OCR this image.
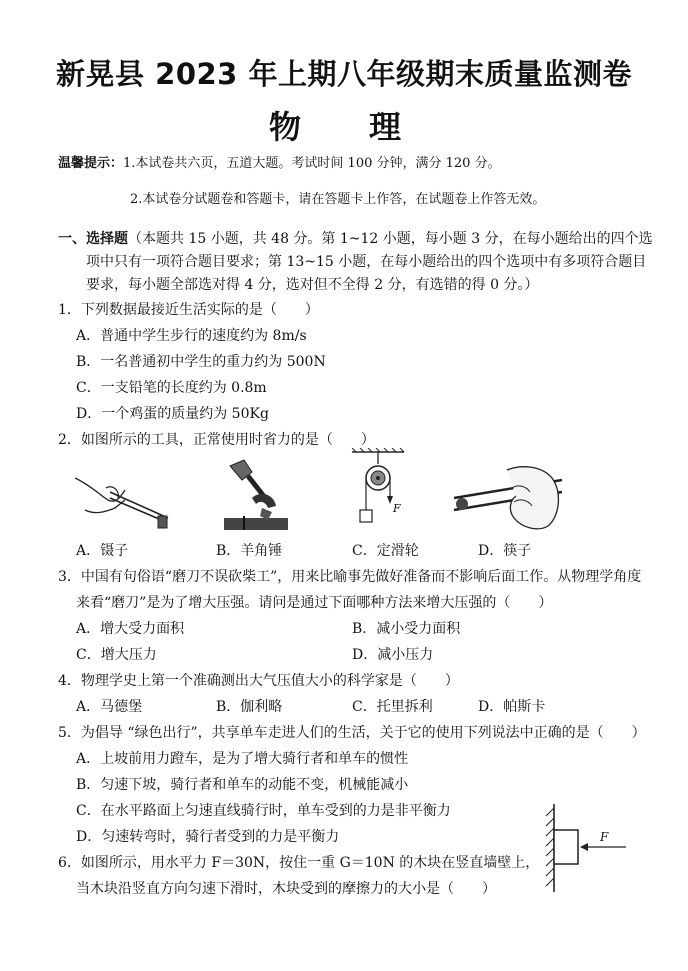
新晃县 2023 年上期八年级期末质量监测卷
物　理
温馨提示：1.本试卷共六页，五道大题。考试时间 100 分钟，满分 120 分。
2.本试卷分试题卷和答题卡，请在答题卡上作答，在试题卷上作答无效。
一、选择题（本题共 15 小题，共 48 分。第 1~12 小题，每小题 3 分，在每小题给出的四个选
项中只有一项符合题目要求；第 13~15 小题，在每小题给出的四个选项中有多项符合题目
要求，每小题全部选对得 4 分，选对但不全得 2 分，有选错的得 0 分。）
1．下列数据最接近生活实际的是（　　）
A．普通中学生步行的速度约为 8m/s
B．一名普通初中学生的重力约为 500N
C．一支铅笔的长度约为 0.8m
D．一个鸡蛋的质量约为 50Kg
2．如图所示的工具，正常使用时省力的是（　　）
F
A．镊子	B．羊角锤	C．定滑轮	D．筷子
3．中国有句俗语“磨刀不误砍柴工”，用来比喻事先做好准备而不影响后面工作。从物理学角度
来看“磨刀”是为了增大压强。请问是通过下面哪种方法来增大压强的（　　）
A．增大受力面积	B．减小受力面积
C．增大压力	D．减小压力
4．物理学史上第一个准确测出大气压值大小的科学家是（　　）
A．马德堡	B．伽利略	C．托里拆利	D．帕斯卡
5．为倡导 “绿色出行”，共享单车走进人们的生活，关于它的使用下列说法中正确的是（　　）
A．上坡前用力蹬车，是为了增大骑行者和单车的惯性
B．匀速下坡，骑行者和单车的动能不变，机械能减小
C．在水平路面上匀速直线骑行时，单车受到的力是非平衡力
D．匀速转弯时，骑行者受到的力是平衡力
6．如图所示，用水平力 F＝30N，按住一重 G＝10N 的木块在竖直墙壁上，
当木块沿竖直方向匀速下滑时，木块受到的摩擦力的大小是（　　）
F
